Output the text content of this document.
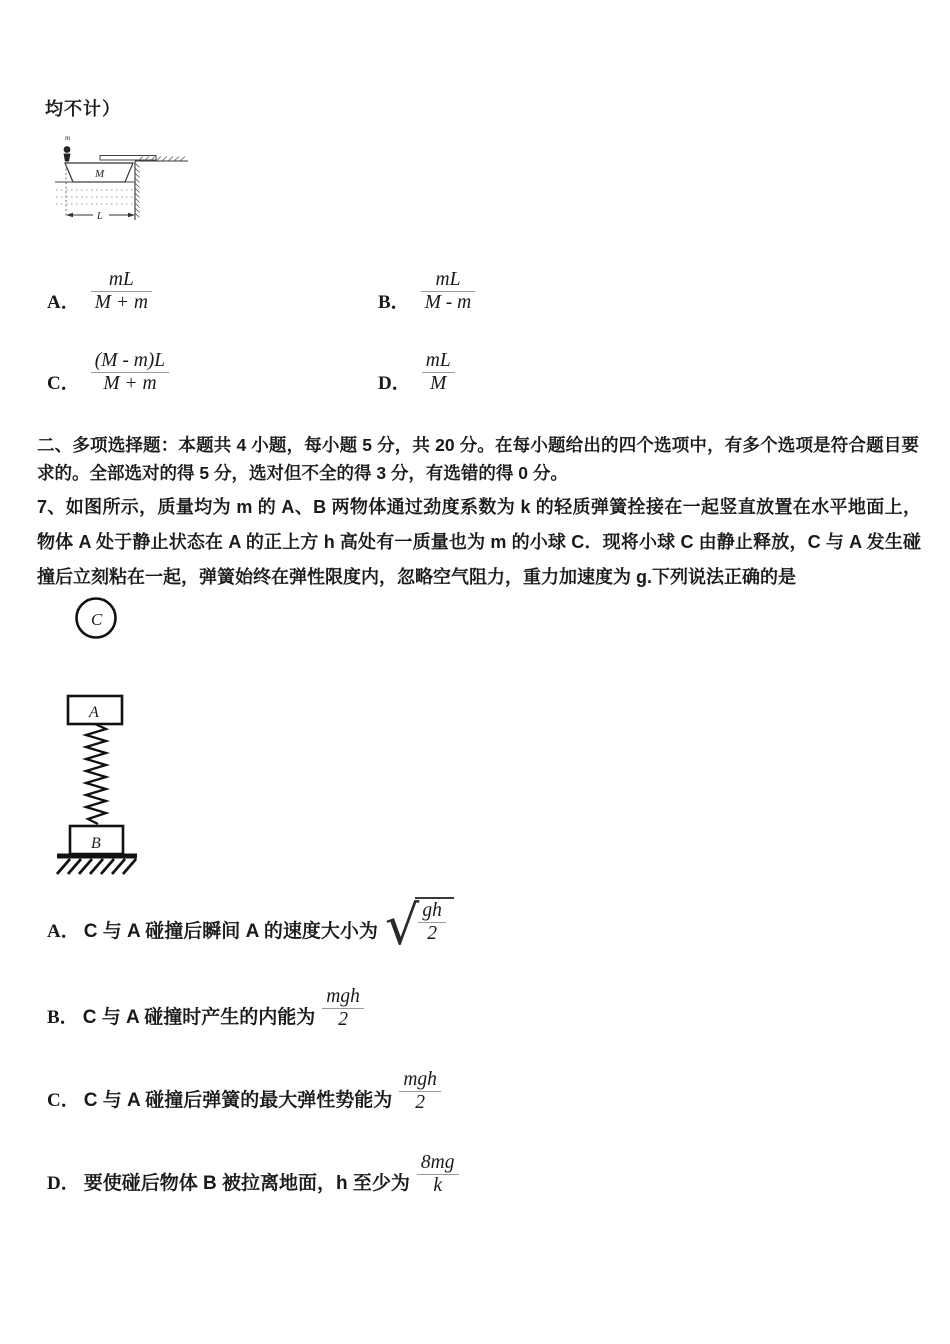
均不计）
m
M
L
A． $\frac{mL}{M + m}$	B． $\frac{mL}{M - m}$
C． $\frac{(M - m)L}{M + m}$	D． $\frac{mL}{M}$
二、多项选择题：本题共 4 小题，每小题 5 分，共 20 分。在每小题给出的四个选项中，有多个选项是符合题目要求的。全部选对的得 5 分，选对但不全的得 3 分，有选错的得 0 分。
7、如图所示，质量均为 m 的 A、B 两物体通过劲度系数为 k 的轻质弹簧拴接在一起竖直放置在水平地面上，物体 A 处于静止状态在 A 的正上方 h 高处有一质量也为 m 的小球 C．现将小球 C 由静止释放，C 与 A 发生碰撞后立刻粘在一起，弹簧始终在弹性限度内，忽略空气阻力，重力加速度为 g.下列说法正确的是
C
A
B
A． C 与 A 碰撞后瞬间 A 的速度大小为 √ $\frac{gh}{2}$
B． C 与 A 碰撞时产生的内能为 $\frac{\text{mgh}}{2}$
C． C 与 A 碰撞后弹簧的最大弹性势能为 $\frac{\text{mgh}}{2}$
D． 要使碰后物体 B 被拉离地面，h 至少为 $\frac{8mg}{k}$
